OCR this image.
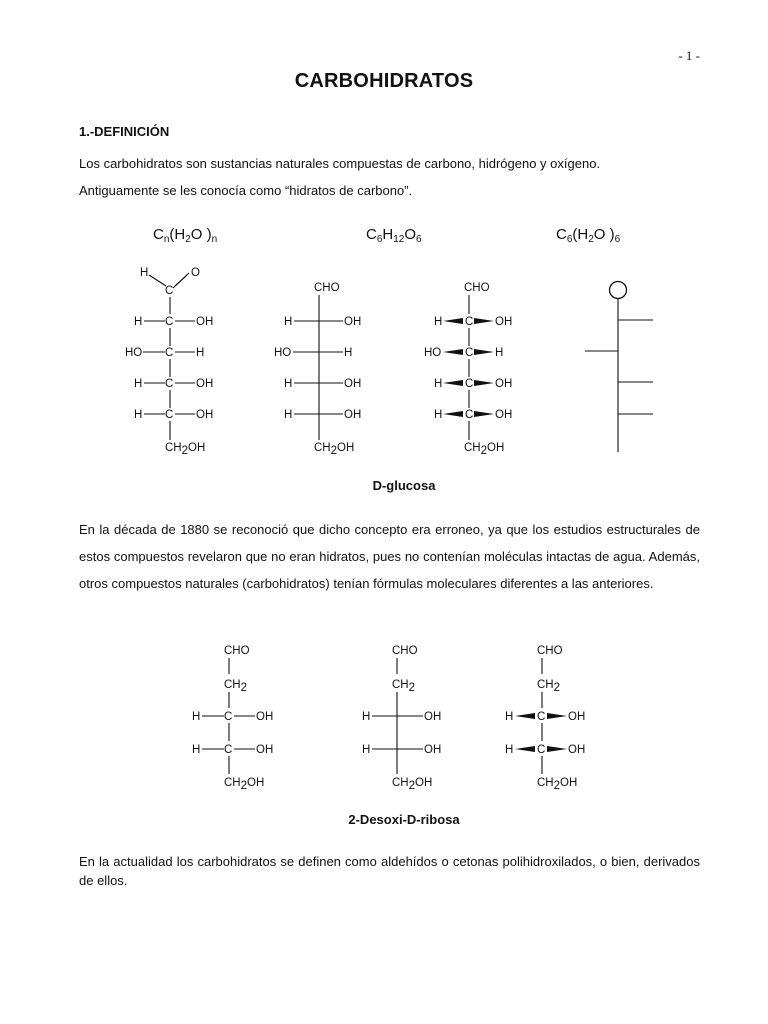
- 1 -
CARBOHIDRATOS
1.-DEFINICIÓN
Los carbohidratos son sustancias naturales compuestas de carbono, hidrógeno y oxígeno.
Antiguamente se les conocía como “hidratos de carbono”.
$C_n(H_2O$ )$_n$	$C_6H_{12}O_6$	$C_6(H_2O$ )$_6$
H	O
C
H C OH
HO C H
H C OH
H C OH
CH2OH
CHO
H	OH
HO	H
H	OH
H	OH
CH2OH
CHO
H C OH
HO C H
H C OH
H C OH
CH2OH
D-glucosa
En la década de 1880 se reconoció que dicho concepto era erroneo, ya que los estudios estructurales de estos compuestos revelaron que no eran hidratos, pues no contenían moléculas intactas de agua. Además, otros compuestos naturales (carbohidratos) tenían fórmulas moleculares diferentes a las anteriores.
CHO
CH2
H C OH
H C OH
CH2OH
CHO
CH2
H	OH
H	OH
CH2OH
CHO
CH2
H C OH
H C OH
CH2OH
2-Desoxi-D-ribosa
En la actualidad los carbohidratos se definen como aldehídos o cetonas polihidroxilados, o bien, derivados de ellos.
